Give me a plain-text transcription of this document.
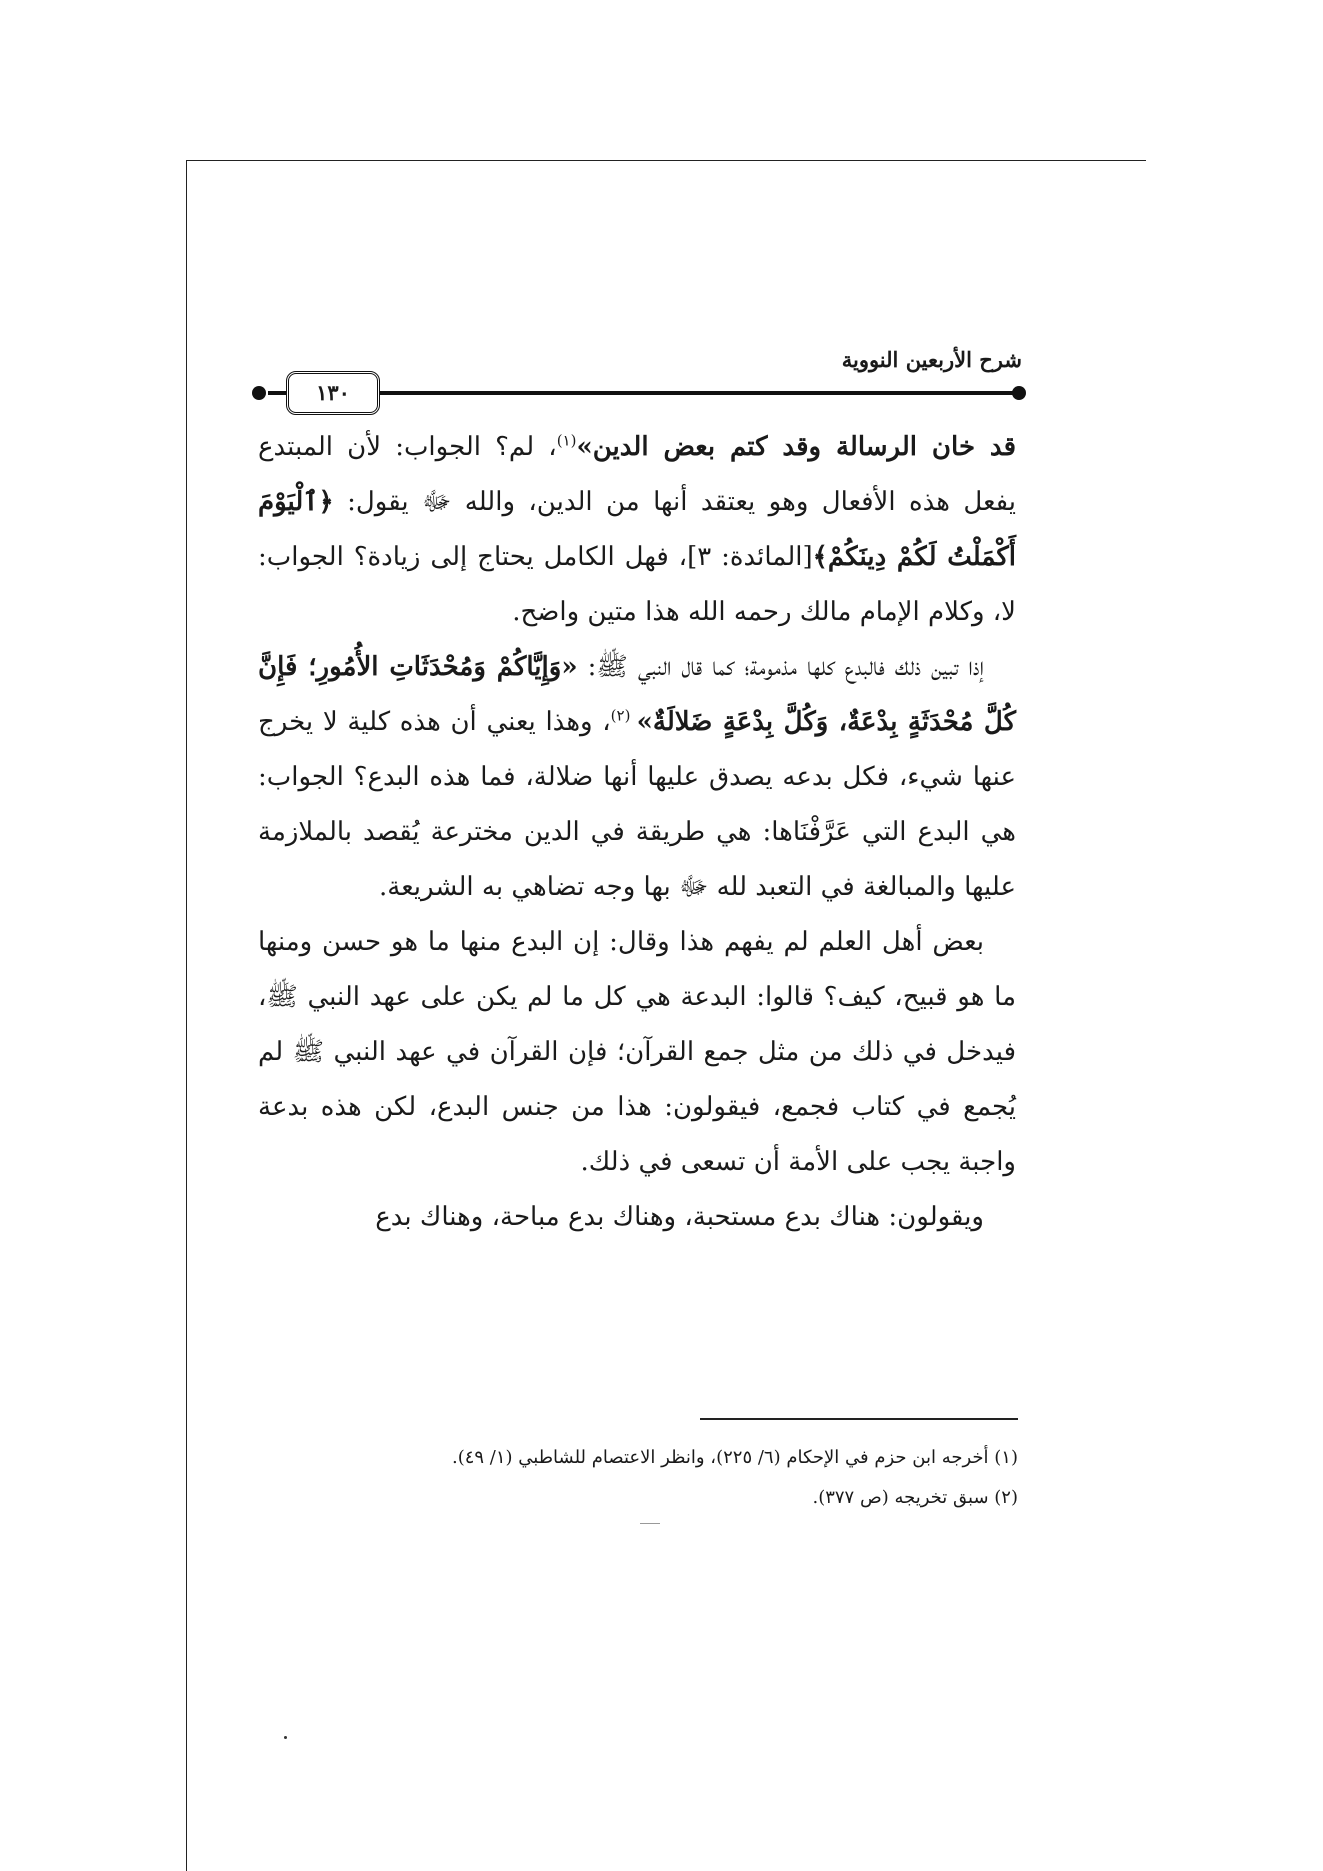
شرح الأربعين النووية
١٣٠

قد خان الرسالة وقد كتم بعض الدين»$^{(١)}$، لم؟ الجواب: لأن المبتدع يفعل هذه الأفعال وهو يعتقد أنها من الدين، والله ﷻ يقول: ﴿ٱلْيَوْمَ أَكْمَلْتُ لَكُمْ دِينَكُمْ﴾[المائدة: ٣]، فهل الكامل يحتاج إلى زيادة؟ الجواب: لا، وكلام الإمام مالك رحمه الله هذا متين واضح.

إذا تبين ذلك فالبدع كلها مذمومة؛ كما قال النبي ﷺ: «وَإِيَّاكُمْ وَمُحْدَثَاتِ الأُمُورِ؛ فَإِنَّ كُلَّ مُحْدَثَةٍ بِدْعَةٌ، وَكُلَّ بِدْعَةٍ ضَلالَةٌ» $^{(٢)}$، وهذا يعني أن هذه كلية لا يخرج عنها شيء، فكل بدعه يصدق عليها أنها ضلالة، فما هذه البدع؟ الجواب: هي البدع التي عَرَّفْنَاها: هي طريقة في الدين مخترعة يُقصد بالملازمة عليها والمبالغة في التعبد لله ﷻ بها وجه تضاهي به الشريعة.

بعض أهل العلم لم يفهم هذا وقال: إن البدع منها ما هو حسن ومنها ما هو قبيح، كيف؟ قالوا: البدعة هي كل ما لم يكن على عهد النبي ﷺ، فيدخل في ذلك من مثل جمع القرآن؛ فإن القرآن في عهد النبي ﷺ لم يُجمع في كتاب فجمع، فيقولون: هذا من جنس البدع، لكن هذه بدعة واجبة يجب على الأمة أن تسعى في ذلك.

ويقولون: هناك بدع مستحبة، وهناك بدع مباحة، وهناك بدع

(١) أخرجه ابن حزم في الإحكام (٦/ ٢٢٥)، وانظر الاعتصام للشاطبي (١/ ٤٩).

(٢) سبق تخريجه (ص ٣٧٧).
